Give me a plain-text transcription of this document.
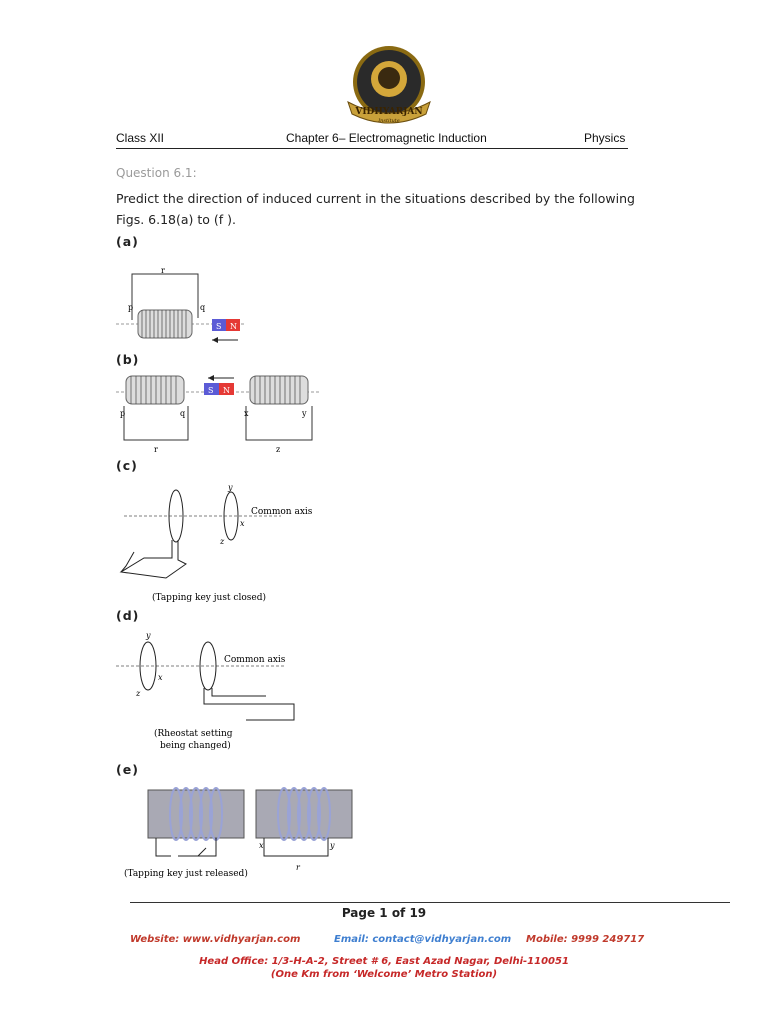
VIDHYARJAN
Institute
Class XII	Chapter 6– Electromagnetic Induction	Physics
Question 6.1:
Predict the direction of induced current in the situations described by the following Figs. 6.18(a) to (f ).
(a)
r
p	q
S N
(b)
S N
p	q
r
x	y
z
(c)
Common axis
y
x
z
(Tapping key just closed)
(d)
Common axis
y
x
z
(Rheostat setting
being changed)
(e)
x	y
r
(Tapping key just released)
Page 1 of 19
Website: www.vidhyarjan.com	Email: contact@vidhyarjan.com Mobile: 9999 249717
Head Office: 1/3-H-A-2, Street # 6, East Azad Nagar, Delhi-110051
(One Km from ‘Welcome’ Metro Station)
